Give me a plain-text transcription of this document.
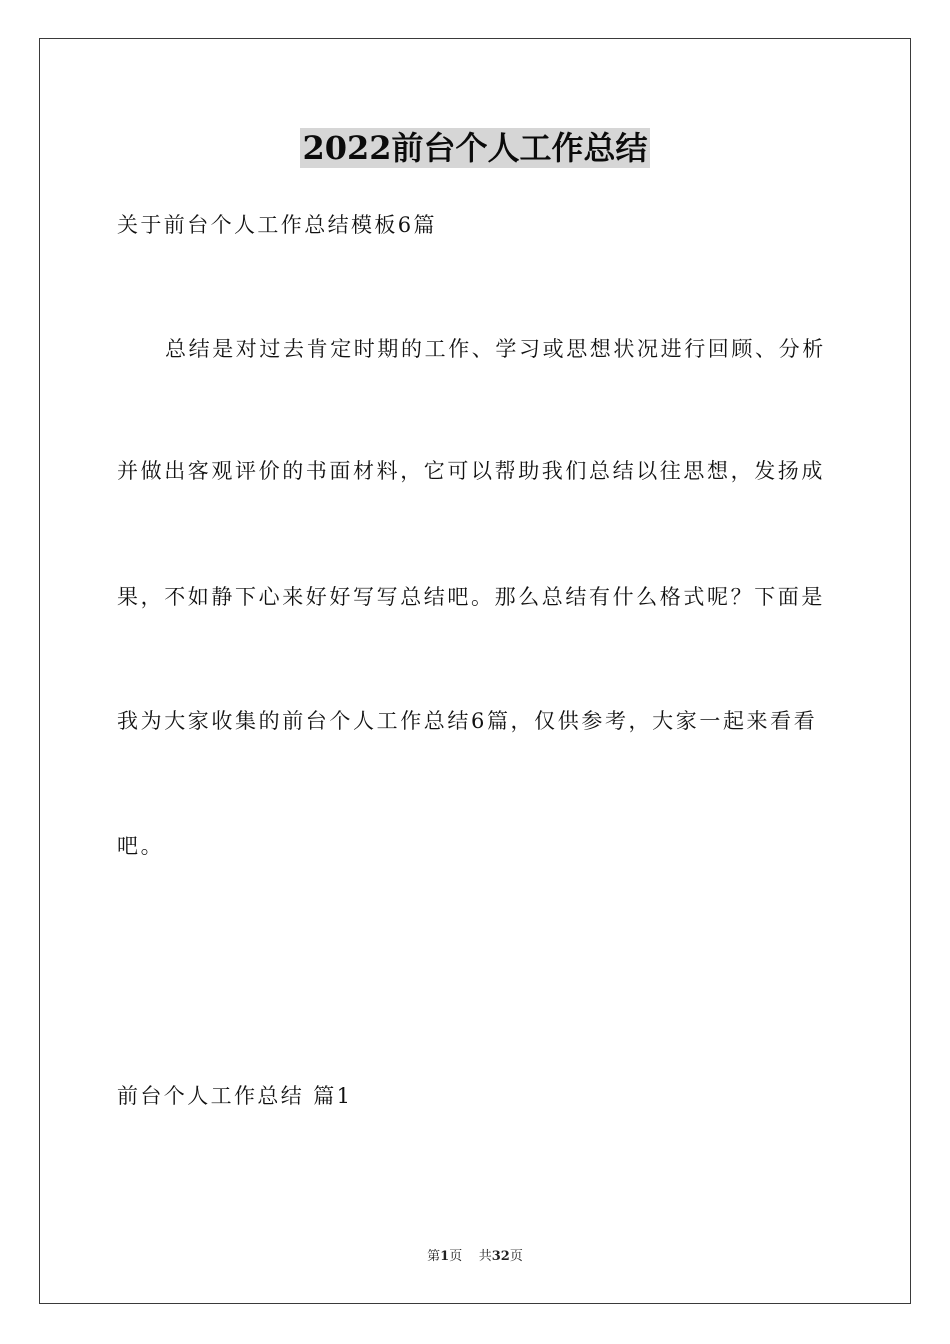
2022前台个人工作总结
关于前台个人工作总结模板6篇
总结是对过去肯定时期的工作、学习或思想状况进行回顾、分析
并做出客观评价的书面材料，它可以帮助我们总结以往思想，发扬成
果，不如静下心来好好写写总结吧。那么总结有什么格式呢？下面是
我为大家收集的前台个人工作总结6篇，仅供参考，大家一起来看看
吧。
前台个人工作总结 篇1
第1页 共32页
